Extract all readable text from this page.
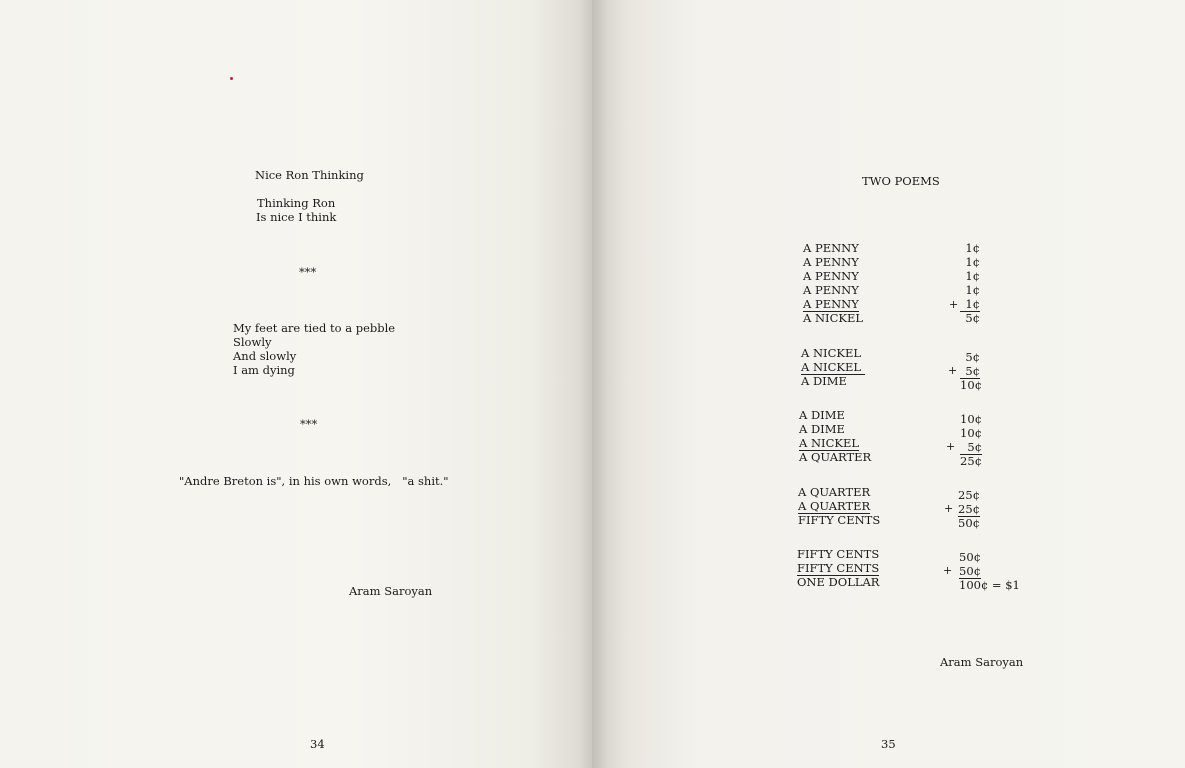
Nice Ron Thinking
Thinking Ron
Is nice I think
***
My feet are tied to a pebble
Slowly
And slowly
I am dying
***
"Andre Breton is", in his own words,   "a shit."
Aram Saroyan
34
TWO POEMS
A PENNY
A PENNY
A PENNY
A PENNY
A PENNY
A NICKEL
1¢
1¢
1¢
1¢
1¢
5¢
+
A NICKEL
A NICKEL
A DIME
5¢
5¢
10¢
+
A DIME
A DIME
A NICKEL
A QUARTER
10¢
10¢
5¢
25¢
+
A QUARTER
A QUARTER
FIFTY CENTS
25¢
25¢
50¢
+
FIFTY CENTS
FIFTY CENTS
ONE DOLLAR
50¢
50¢
100¢ = $1
+
Aram Saroyan
35
